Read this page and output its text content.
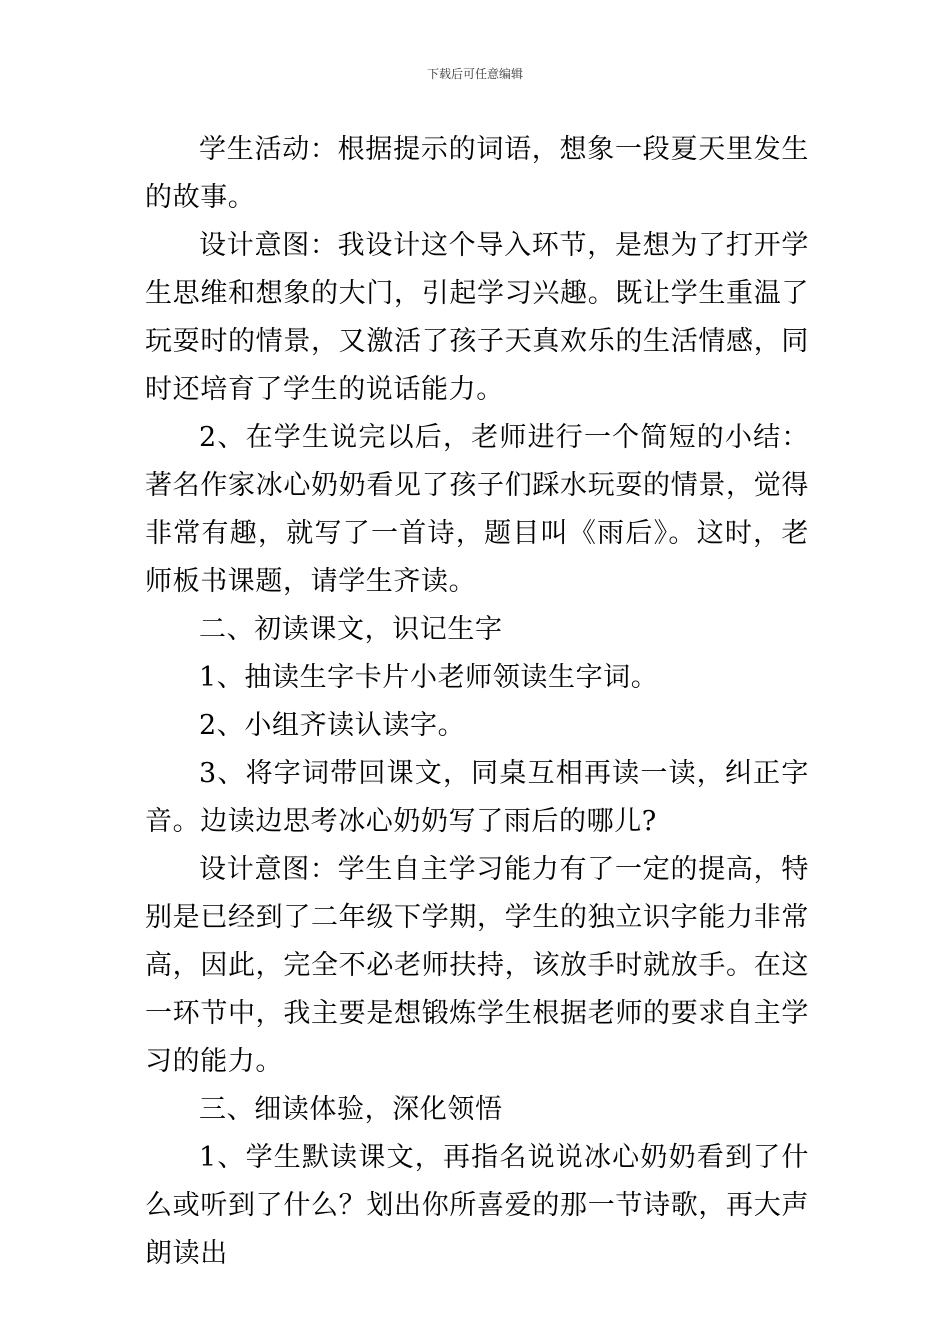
下载后可任意编辑

学生活动：根据提示的词语，想象一段夏天里发生的故事。

设计意图：我设计这个导入环节，是想为了打开学生思维和想象的大门，引起学习兴趣。既让学生重温了玩耍时的情景，又激活了孩子天真欢乐的生活情感，同时还培育了学生的说话能力。

2、在学生说完以后，老师进行一个简短的小结：著名作家冰心奶奶看见了孩子们踩水玩耍的情景，觉得非常有趣，就写了一首诗，题目叫《雨后》。这时，老师板书课题，请学生齐读。

二、初读课文，识记生字

1、抽读生字卡片小老师领读生字词。

2、小组齐读认读字。

3、将字词带回课文，同桌互相再读一读，纠正字音。边读边思考冰心奶奶写了雨后的哪儿?

设计意图：学生自主学习能力有了一定的提高，特别是已经到了二年级下学期，学生的独立识字能力非常高，因此，完全不必老师扶持，该放手时就放手。在这一环节中，我主要是想锻炼学生根据老师的要求自主学习的能力。

三、细读体验，深化领悟

1、学生默读课文，再指名说说冰心奶奶看到了什么或听到了什么？划出你所喜爱的那一节诗歌，再大声朗读出
